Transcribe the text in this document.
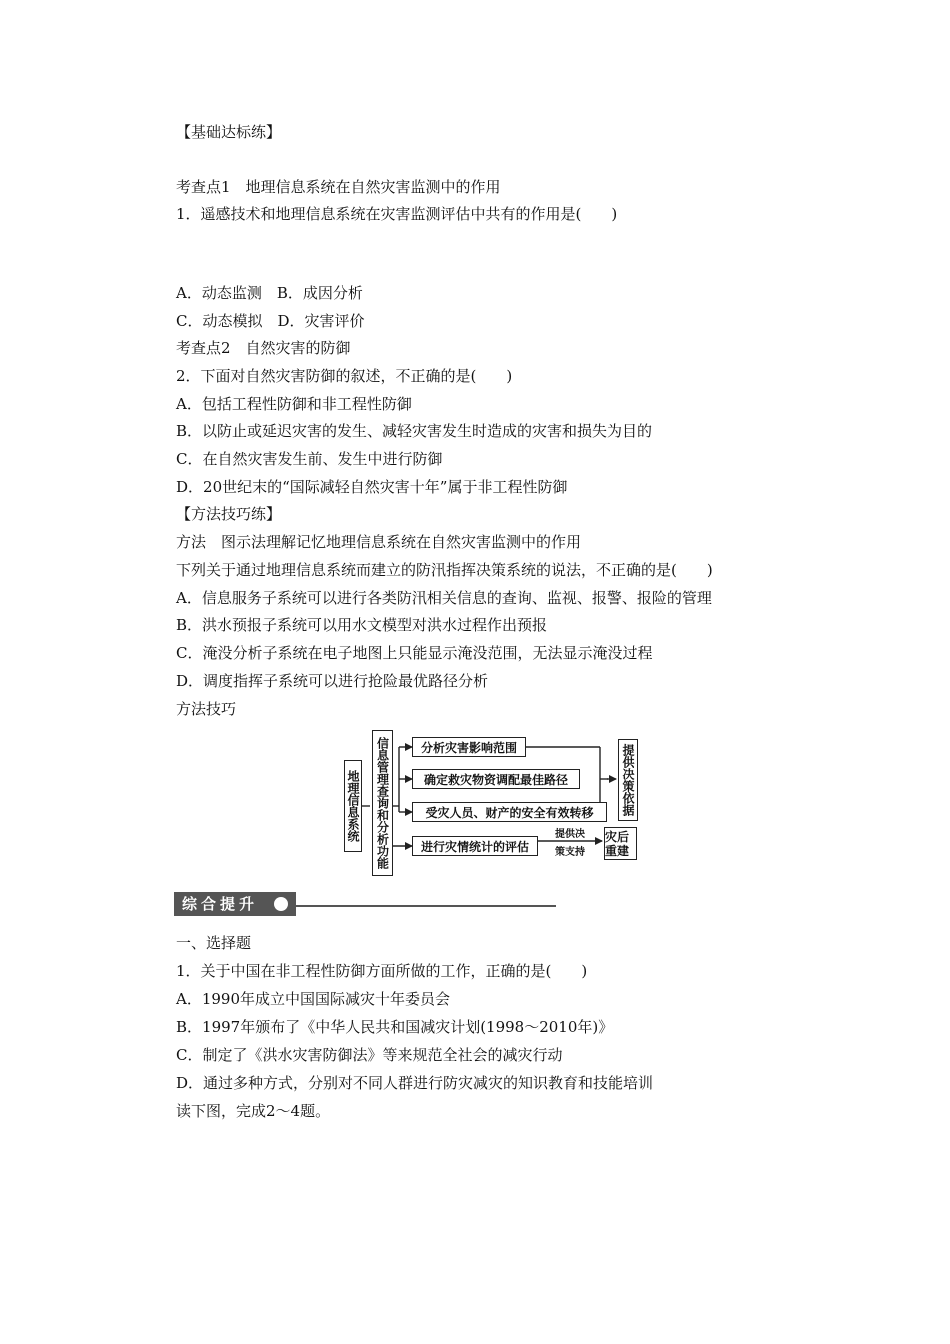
【基础达标练】
考查点1　地理信息系统在自然灾害监测中的作用
1．遥感技术和地理信息系统在灾害监测评估中共有的作用是(　　)
A．动态监测　B．成因分析
C．动态模拟　D．灾害评价
考查点2　自然灾害的防御
2．下面对自然灾害防御的叙述，不正确的是(　　)
A．包括工程性防御和非工程性防御
B．以防止或延迟灾害的发生、减轻灾害发生时造成的灾害和损失为目的
C．在自然灾害发生前、发生中进行防御
D．20世纪末的“国际减轻自然灾害十年”属于非工程性防御
【方法技巧练】
方法　图示法理解记忆地理信息系统在自然灾害监测中的作用
下列关于通过地理信息系统而建立的防汛指挥决策系统的说法，不正确的是(　　)
A．信息服务子系统可以进行各类防汛相关信息的查询、监视、报警、报险的管理
B．洪水预报子系统可以用水文模型对洪水过程作出预报
C．淹没分析子系统在电子地图上只能显示淹没范围，无法显示淹没过程
D．调度指挥子系统可以进行抢险最优路径分析
方法技巧
地理信息系统 信息管理查询和分析功能	分析灾害影响范围
确定救灾物资调配最佳路径
受灾人员、财产的安全有效转移
进行灾情统计的评估
提供决策依据
灾后重建
提供决
策支持
综合提升
一、选择题
1．关于中国在非工程性防御方面所做的工作，正确的是(　　)
A．1990年成立中国国际减灾十年委员会
B．1997年颁布了《中华人民共和国减灾计划(1998～2010年)》
C．制定了《洪水灾害防御法》等来规范全社会的减灾行动
D．通过多种方式，分别对不同人群进行防灾减灾的知识教育和技能培训
读下图，完成2～4题。
